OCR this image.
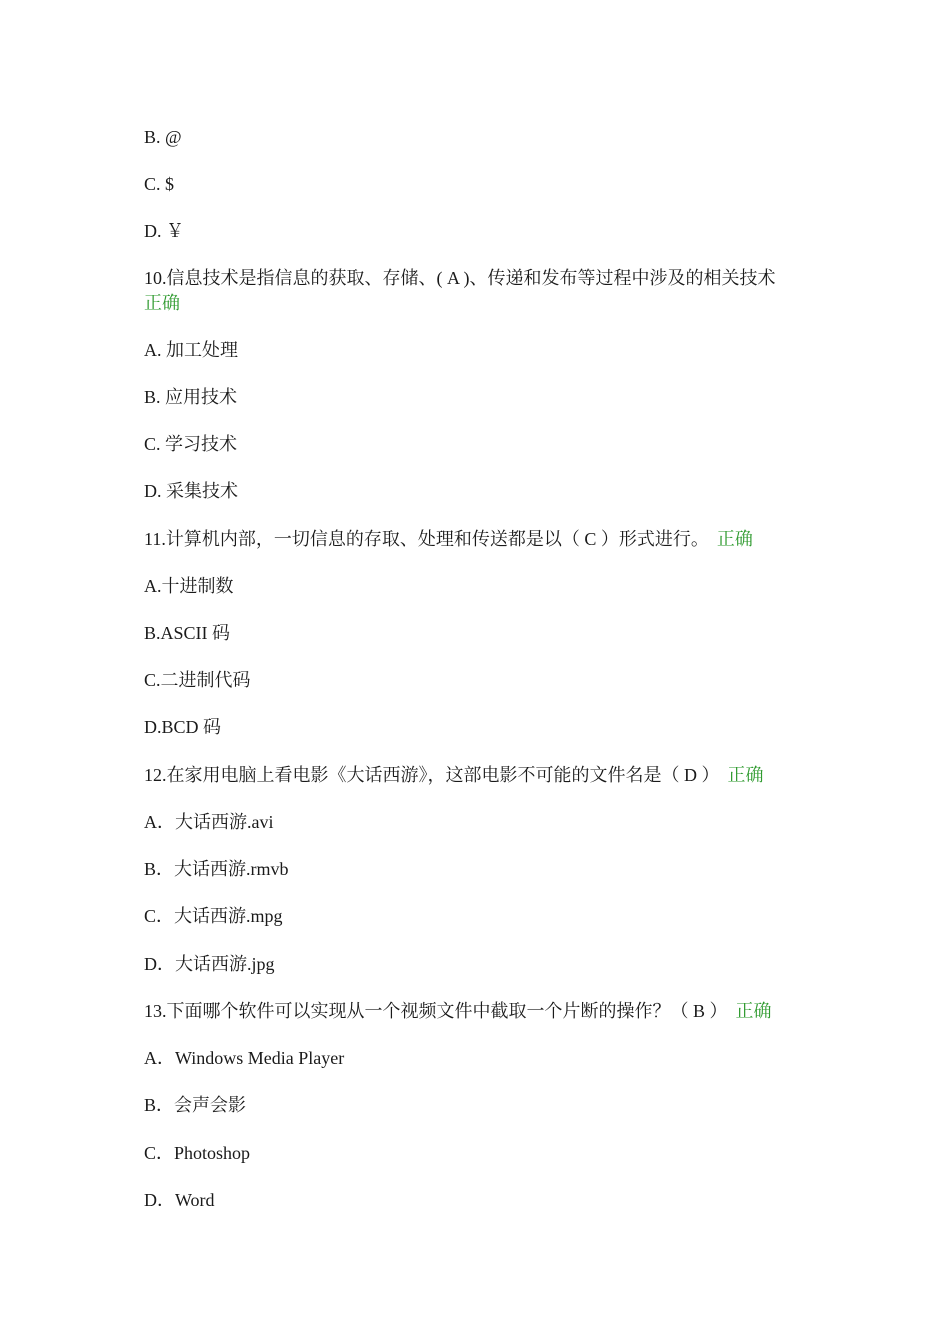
B. @
C. $
D. ￥
10.信息技术是指信息的获取、存储、( A )、传递和发布等过程中涉及的相关技术
正确
A. 加工处理
B. 应用技术
C. 学习技术
D. 采集技术
11.计算机内部，一切信息的存取、处理和传送都是以（ C ）形式进行。 正确
A.十进制数
B.ASCII 码
C.二进制代码
D.BCD 码
12.在家用电脑上看电影《大话西游》，这部电影不可能的文件名是（ D ） 正确
A．大话西游.avi
B．大话西游.rmvb
C．大话西游.mpg
D．大话西游.jpg
13.下面哪个软件可以实现从一个视频文件中截取一个片断的操作？（ B ） 正确
A．Windows Media Player
B．会声会影
C．Photoshop
D．Word
